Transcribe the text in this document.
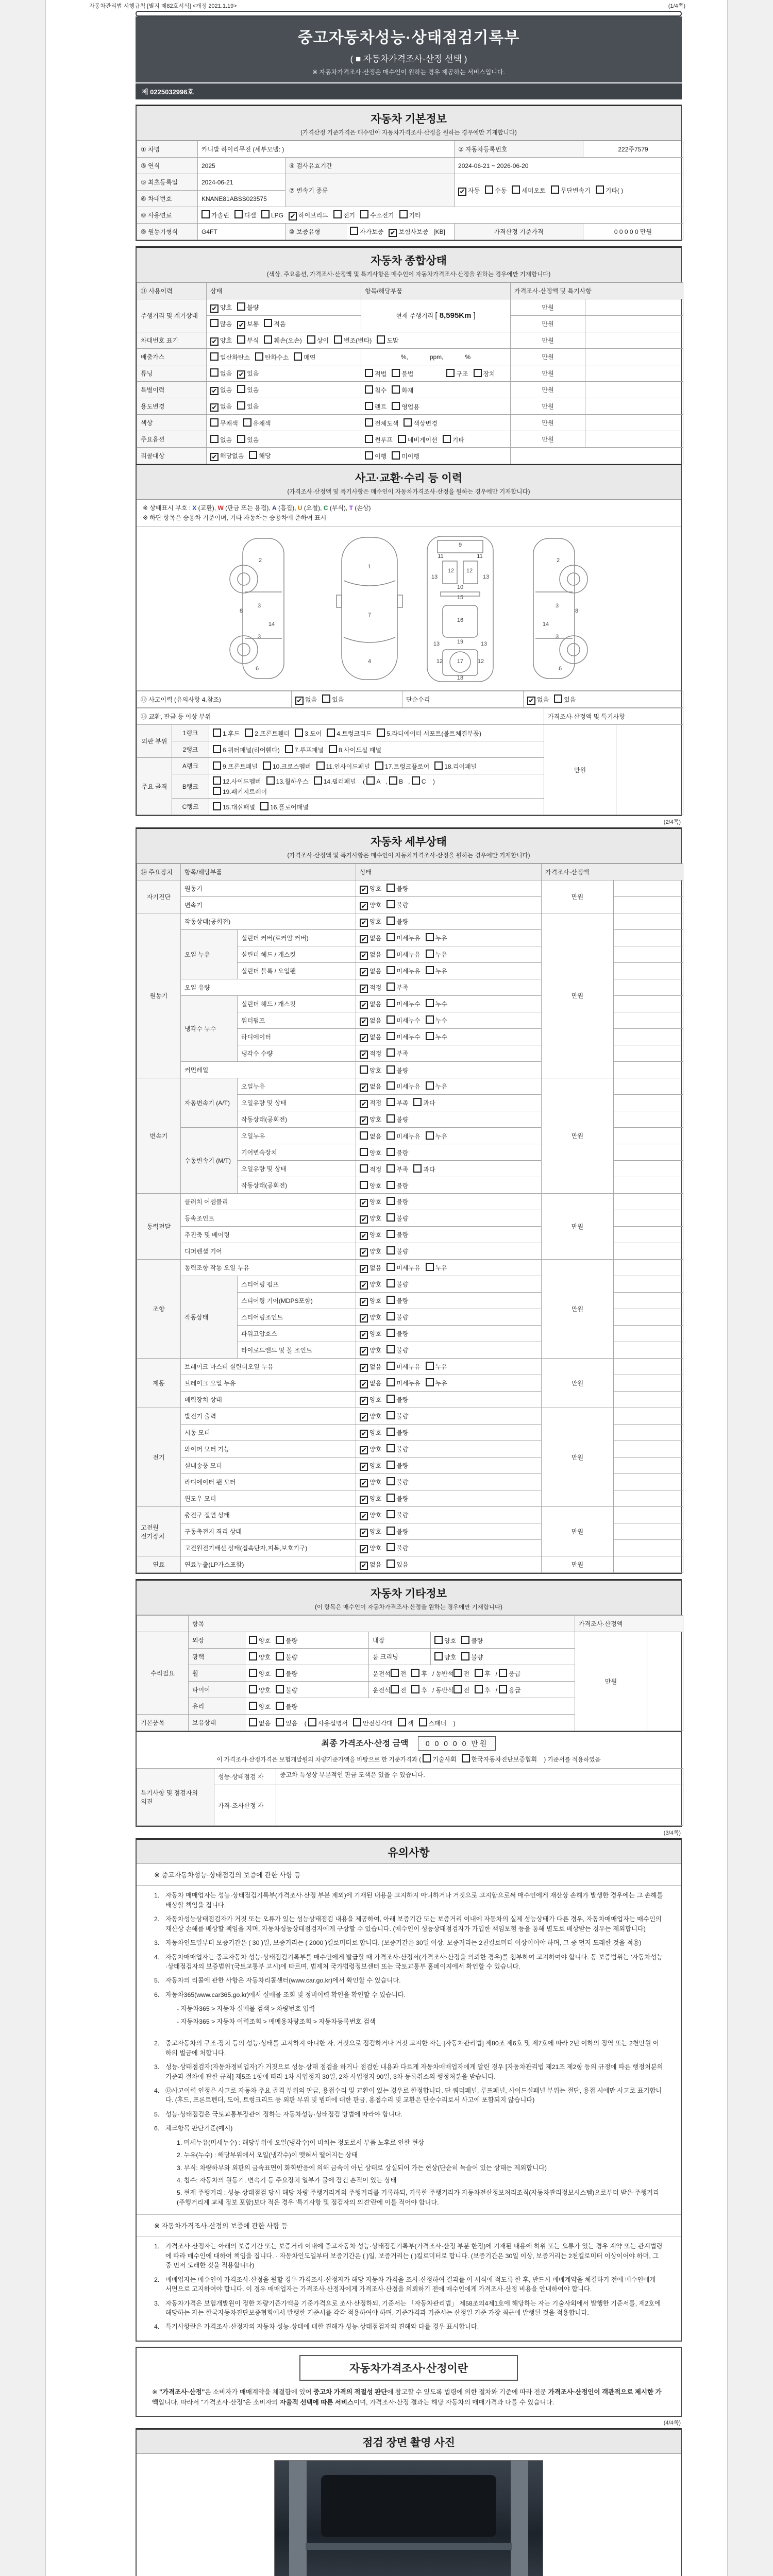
자동차관리법 시행규칙 [별지 제82호서식] <개정 2021.1.19>	(1/4쪽)
중고자동차성능·상태점검기록부
( ■ 자동차가격조사·산정 선택 )
※ 자동차가격조사·산정은 매수인이 원하는 경우 제공하는 서비스입니다.
제 0225032996호
자동차 기본정보
(가격산정 기준가격은 매수인이 자동차가격조사·산정을 원하는 경우에만 기재합니다)
① 차명	카니발 하이리무진 (세부모델: )			② 자동차등록번호	222주7579
③ 연식	2025	④ 검사유효기간		2024-06-21 ~ 2026-06-20	
⑤ 최초등록일	2024-06-21	⑦ 변속기 종류		✔ 자동 수동 세미오토 무단변속기 기타( )	
⑥ 차대번호	KNANE81ABSS023575				
⑧ 사용연료	가솔린 디젤 LPG ✔ 하이브리드 전기 수소전기 기타				
⑨ 원동기형식	G4FT	⑩ 보증유형	자가보증 ✔ 보험사보증 [KB]	가격산정 기준가격	0 0 0 0 0 만원
자동차 종합상태
(색상, 주요옵션, 가격조사·산정액 및 특기사항은 매수인이 자동차가격조사·산정을 원하는 경우에만 기재합니다)
⑪ 사용이력	상태	항목/해당부품	가격조사·산정액 및 특기사항	
주행거리 및 계기상태	✔ 양호 불량	현재 주행거리 [ 8,595Km ]	만원	
	많음 ✔ 보통 적음		만원	
차대번호 표기	✔ 양호 부식 훼손(오손) 상이 변조(변타) 도말		만원	
배출가스	일산화탄소 탄화수소 매연	%, ppm, %	만원	
튜닝	없음 ✔ 있음	적법 불법 구조 장치	만원	
특별이력	✔ 없음 있음	침수 화재	만원	
용도변경	✔ 없음 있음	렌트 영업용	만원	
색상	무채색 유채색	전체도색 색상변경	만원	
주요옵션	없음 있음	썬루프 네비게이션 기타	만원	
리콜대상	✔ 해당없음 해당	이행 미이행		
사고·교환·수리 등 이력
(가격조사·산정액 및 특기사항은 매수인이 자동차가격조사·산정을 원하는 경우에만 기재합니다)
※ 상태표시 부호 : X (교환), W (판금 또는 용접), A (흠집), U (요철), C (부식), T (손상)
※ 하단 항목은 승용차 기준이며, 기타 자동차는 승용차에 준하여 표시
2
8
3
14
3
6
1
7
4
9
11	11
13	13
12 12
10
15
16
19
13	13
12	12
17
18
2
3
8
14
3
6
⑫ 사고이력 (유의사항 4.참조)	✔ 없음 있음	단순수리	✔ 없음 있음
⑬ 교환, 판금 등 이상 부위			가격조사·산정액 및 특기사항	
외판 부위	1랭크	1.후드 2.프론트휀더 3.도어 4.트렁크리드 5.라디에이터 서포트(볼트체결부품)	만원	
	2랭크	6.쿼터패널(리어휀다) 7.루프패널 8.사이드실 패널		
주요 골격	A랭크	9.프론트패널 10.크로스멤버 11.인사이드패널 17.트렁크플로어 18.리어패널		
	B랭크	12.사이드멤버 13.휠하우스 14.필러패널 ( A , B , C )
19.패키지트레이		
	C랭크	15.대쉬패널 16.플로어패널		
(2/4쪽)
자동차 세부상태
(가격조사·산정액 및 특기사항은 매수인이 자동차가격조사·산정을 원하는 경우에만 기재합니다)
⑭ 주요장치	항목/해당부품		상태	가격조사·산정액	
자기진단	원동기		✔ 양호 불량	만원	
	변속기		✔ 양호 불량		
원동기	작동상태(공회전)		✔ 양호 불량	만원	
	오일 누유	실린더 커버(로커암 커버)	✔ 없음 미세누유 누유		
		실린더 헤드 / 개스킷	✔ 없음 미세누유 누유		
		실린더 블록 / 오일팬	✔ 없음 미세누유 누유		
	오일 유량		✔ 적정 부족		
	냉각수 누수	실린더 헤드 / 개스킷	✔ 없음 미세누수 누수		
		워터펌프	✔ 없음 미세누수 누수		
		라디에이터	✔ 없음 미세누수 누수		
		냉각수 수량	✔ 적정 부족		
	커먼레일		양호 불량		
변속기	자동변속기 (A/T)	오일누유	✔ 없음 미세누유 누유	만원	
		오일유량 및 상태	✔ 적정 부족 과다		
		작동상태(공회전)	✔ 양호 불량		
	수동변속기 (M/T)	오일누유	없음 미세누유 누유		
		기어변속장치	양호 불량		
		오일유량 및 상태	적정 부족 과다		
		작동상태(공회전)	양호 불량		
동력전달	클러치 어셈블리		✔ 양호 불량	만원	
	등속조인트		✔ 양호 불량		
	추진축 및 베어링		✔ 양호 불량		
	디퍼렌셜 기어		✔ 양호 불량		
조향	동력조향 작동 오일 누유		✔ 없음 미세누유 누유	만원	
	작동상태	스티어링 펌프	✔ 양호 불량		
		스티어링 기어(MDPS포함)	✔ 양호 불량		
		스티어링조인트	✔ 양호 불량		
		파워고압호스	✔ 양호 불량		
		타이로드엔드 및 볼 조인트	✔ 양호 불량		
제동	브레이크 마스터 실린더오일 누유		✔ 없음 미세누유 누유	만원	
	브레이크 오일 누유		✔ 없음 미세누유 누유		
	배력장치 상태		✔ 양호 불량		
전기	발전기 출력		✔ 양호 불량	만원	
	시동 모터		✔ 양호 불량		
	와이퍼 모터 기능		✔ 양호 불량		
	실내송풍 모터		✔ 양호 불량		
	라디에이터 팬 모터		✔ 양호 불량		
	윈도우 모터		✔ 양호 불량		
고전원 전기장치	충전구 절연 상태		✔ 양호 불량	만원	
	구동축전지 격리 상태		✔ 양호 불량		
	고전원전기배선 상태(접속단자,피복,보호기구)		✔ 양호 불량		
연료	연료누출(LP가스포함)		✔ 없음 있음	만원	
자동차 기타정보
(이 항목은 매수인이 자동차가격조사·산정을 원하는 경우에만 기재합니다)
	항목				가격조사·산정액	
수리필요	외장	양호 불량	내장	양호 불량	만원	
	광택	양호 불량	룸 크리닝	양호 불량		
	휠	양호 불량	운전석 전 후 / 동반석 전 후 / 응급			
	타이어	양호 불량	운전석 전 후 / 동반석 전 후 / 응급			
	유리	양호 불량				
기본품목	보유상태	없음 있음 ( 사용설명서 안전삼각대 잭 스패너 )				
최종 가격조사·산정 금액 0 0 0 0 0 만원
이 가격조사·산정가격은 보험개발원의 차량기준가액을 바탕으로 한 기준가격과 ( 기술사회 한국자동차진단보증협회 ) 기준서를 적용하였음
특기사항 및 점검자의 의견	성능·상태점검 자	중고차 특성상 부분적인 판금 도색은 있을 수 있습니다.
	가격·조사산정 자	
(3/4쪽)
유의사항
※ 중고자동차성능·상태점검의 보증에 관한 사항 등
1. 자동차 매매업자는 성능·상태점검기록부(가격조사·산정 부분 제외)에 기재된 내용을 고지하지 아니하거나 거짓으로 고지함으로써 매수인에게 재산상 손해가 발생한 경우에는 그 손해를 배상할 책임을 집니다.
2. 자동차성능상태점검자가 거짓 또는 오류가 있는 성능상태점검 내용을 제공하여, 아래 보증기간 또는 보증거리 이내에 자동차의 실제 성능상태가 다른 경우, 자동차매매업자는 매수인의 재산상 손해를 배상할 책임을 지며, 자동차성능상태점검자에게 구상할 수 있습니다. (매수인이 성능상태점검자가 가입한 책임보험 등을 통해 별도로 배상받는 경우는 제외합니다)
3. 자동차인도일부터 보증기간은 ( 30 )일, 보증거리는 ( 2000 )킬로미터로 합니다. (보증기간은 30일 이상, 보증거리는 2천킬로미터 이상이어야 하며, 그 중 먼저 도래한 것을 적용)
4. 자동차매매업자는 중고자동차 성능·상태점검기록부를 매수인에게 발급할 때 가격조사·산정서(가격조사·산정을 의뢰한 경우)를 첨부하여 고지하여야 합니다. 동 보증범위는 '자동차성능·상태점검자의 보증범위'(국토교통부 고시)에 따르며, 법제처 국가법령정보센터 또는 국토교통부 홈페이지에서 확인할 수 있습니다.
5. 자동차의 리콜에 관한 사항은 자동차리콜센터(www.car.go.kr)에서 확인할 수 있습니다.
6. 자동차365(www.car365.go.kr)에서 실매물 조회 및 정비이력 확인을 확인할 수 있습니다.
- 자동차365 > 자동차 실매물 검색 > 차량번호 입력
- 자동차365 > 자동차 이력조회 > 매매용차량조회 > 자동차등록번호 검색
2. 중고자동차의 구조·장치 등의 성능·상태를 고지하지 아니한 자, 거짓으로 점검하거나 거짓 고지한 자는 [자동차관리법] 제80조 제6호 및 제7호에 따라 2년 이하의 징역 또는 2천만원 이하의 벌금에 처합니다.
3. 성능·상태점검자(자동차정비업자)가 거짓으로 성능·상태 점검을 하거나 점검한 내용과 다르게 자동차매매업자에게 알린 경우 [자동차관리법 제21조 제2항 등의 규정에 따른 행정처분의 기준과 절차에 관한 규칙] 제5조 1항에 따라 1차 사업정지 30일, 2차 사업정지 90일, 3차 등록취소의 행정처분을 받습니다.
4. ⑫사고이력 인정은 사고로 자동차 주요 골격 부위의 판금, 용접수리 및 교환이 있는 경우로 한정합니다. 단 쿼터패널, 루프패널, 사이드실패널 부위는 절단, 용접 시에만 사고로 표기합니다. (후드, 프론트펜더, 도어, 트렁크리드 등 외판 부위 및 범퍼에 대한 판금, 용접수리 및 교환은 단순수리로서 사고에 포함되지 않습니다)
5. 성능·상태점검은 국토교통부장관이 정하는 자동차성능·상태점검 방법에 따라야 합니다.
6. 체크항목 판단기준(예시)
1. 미세누유(미세누수) : 해당부위에 오일(냉각수)이 비치는 정도로서 부품 노후로 인한 현상
2. 누유(누수) : 해당부위에서 오일(냉각수)이 맺혀서 떨어지는 상태
3. 부식: 차량하부와 외판의 금속표면이 화학반응에 의해 금속이 아닌 상태로 상실되어 가는 현상(단순히 녹슬어 있는 상태는 제외합니다)
4. 침수: 자동차의 원동기, 변속기 등 주요장치 일부가 물에 잠긴 흔적이 있는 상태
5. 현재 주행거리 : 성능·상태점검 당시 해당 차량 주행거리계의 주행거리를 기록하되, 기록한 주행거리가 자동차전산정보처리조직(자동차관리정보시스템)으로부터 받은 주행거리(주행거리계 교체 정보 포함)보다 적은 경우 '특기사항 및 점검자의 의견'란에 이를 적어야 합니다.
※ 자동차가격조사·산정의 보증에 관한 사항 등
1. 가격조사·산정자는 아래의 보증기간 또는 보증거리 이내에 중고자동차 성능·상태점검기록부(가격조사·산정 부분 한정)에 기재된 내용에 허위 또는 오류가 있는 경우 계약 또는 관계법령에 따라 매수인에 대하여 책임을 집니다. · 자동차인도일부터 보증기간은 ( )일, 보증거리는 ( )킬로미터로 합니다. (보증기간은 30일 이상, 보증거리는 2천킬로미터 이상이어야 하며, 그 중 먼저 도래한 것을 적용합니다)
2. 매매업자는 매수인이 가격조사·산정을 원할 경우 가격조사·산정자가 해당 자동차 가격을 조사·산정하여 결과를 이 서식에 적도록 한 후, 반드시 매매계약을 체결하기 전에 매수인에게 서면으로 고지하여야 합니다. 이 경우 매매업자는 가격조사·산정자에게 가격조사·산정을 의뢰하기 전에 매수인에게 가격조사·산정 비용을 안내하여야 합니다.
3. 자동차가격은 보험개발원이 정한 차량기준가액을 기준가격으로 조사·산정하되, 기준서는 「자동차관리법」 제58조의4제1호에 해당하는 자는 기술사회에서 발행한 기준서를, 제2호에 해당하는 자는 한국자동차진단보증협회에서 발행한 기준서를 각각 적용하여야 하며, 기준가격과 기준서는 산정일 기준 가장 최근에 발행된 것을 적용합니다.
4. 특기사항란은 가격조사·산정자의 자동차 성능·상태에 대한 견해가 성능·상태점검자의 견해와 다를 경우 표시합니다.
자동차가격조사·산정이란
※ "가격조사·산정"은 소비자가 매매계약을 체결함에 있어 중고차 가격의 적절성 판단에 참고할 수 있도록 법령에 의한 절차와 기준에 따라 전문 가격조사·산정인이 객관적으로 제시한 가액입니다. 따라서 "가격조사·산정"은 소비자의 자율적 선택에 따른 서비스이며, 가격조사·산정 결과는 해당 자동차의 매매가격과 다를 수 있습니다.
(4/4쪽)
점검 장면 촬영 사진
